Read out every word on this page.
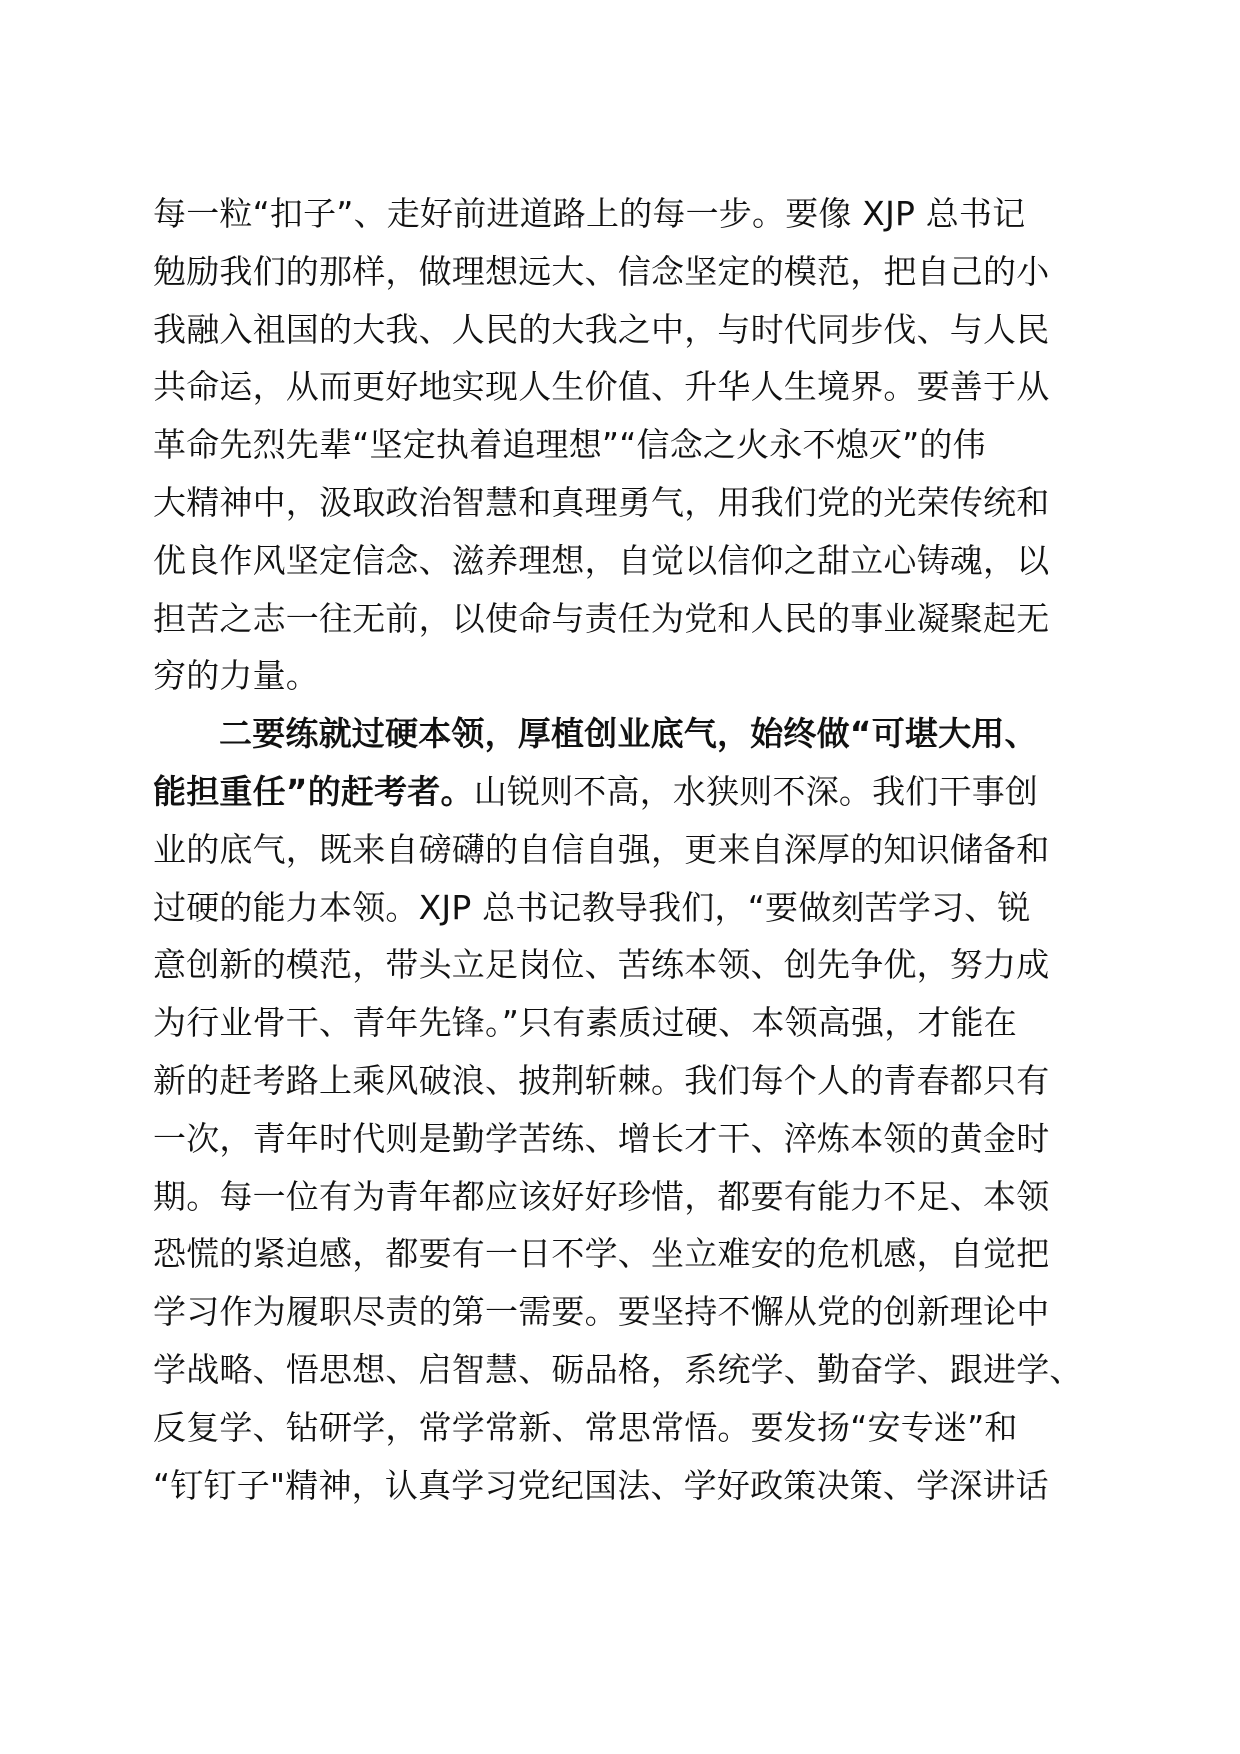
每一粒“扣子”、走好前进道路上的每一步。要像 XJP 总书记
勉励我们的那样，做理想远大、信念坚定的模范，把自己的小
我融入祖国的大我、人民的大我之中，与时代同步伐、与人民
共命运，从而更好地实现人生价值、升华人生境界。要善于从
革命先烈先辈“坚定执着追理想”“信念之火永不熄灭”的伟
大精神中，汲取政治智慧和真理勇气，用我们党的光荣传统和
优良作风坚定信念、滋养理想，自觉以信仰之甜立心铸魂，以
担苦之志一往无前，以使命与责任为党和人民的事业凝聚起无
穷的力量。
二要练就过硬本领，厚植创业底气，始终做“可堪大用、
能担重任”的赶考者。山锐则不高，水狭则不深。我们干事创
业的底气，既来自磅礴的自信自强，更来自深厚的知识储备和
过硬的能力本领。XJP 总书记教导我们，“要做刻苦学习、锐
意创新的模范，带头立足岗位、苦练本领、创先争优，努力成
为行业骨干、青年先锋。”只有素质过硬、本领高强，才能在
新的赶考路上乘风破浪、披荆斩棘。我们每个人的青春都只有
一次，青年时代则是勤学苦练、增长才干、淬炼本领的黄金时
期。每一位有为青年都应该好好珍惜，都要有能力不足、本领
恐慌的紧迫感，都要有一日不学、坐立难安的危机感，自觉把
学习作为履职尽责的第一需要。要坚持不懈从党的创新理论中
学战略、悟思想、启智慧、砺品格，系统学、勤奋学、跟进学、
反复学、钻研学，常学常新、常思常悟。要发扬“安专迷”和
“钉钉子"精神，认真学习党纪国法、学好政策决策、学深讲话
